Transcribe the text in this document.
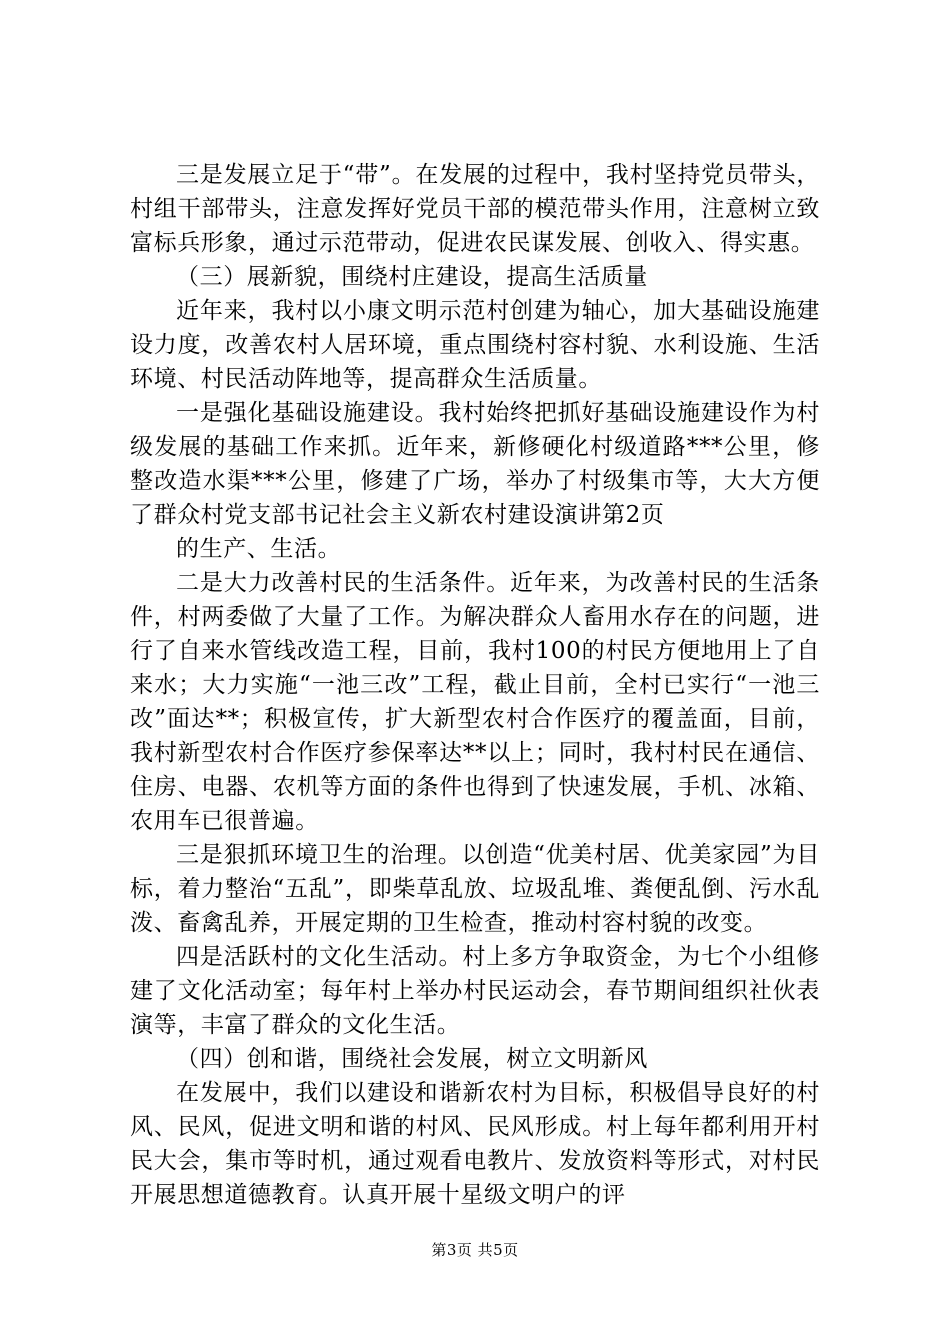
三是发展立足于“带”。在发展的过程中，我村坚持党员带头，村组干部带头，注意发挥好党员干部的模范带头作用，注意树立致富标兵形象，通过示范带动，促进农民谋发展、创收入、得实惠。

（三）展新貌，围绕村庄建设，提高生活质量

近年来，我村以小康文明示范村创建为轴心，加大基础设施建设力度，改善农村人居环境，重点围绕村容村貌、水利设施、生活环境、村民活动阵地等，提高群众生活质量。

一是强化基础设施建设。我村始终把抓好基础设施建设作为村级发展的基础工作来抓。近年来，新修硬化村级道路***公里，修整改造水渠***公里，修建了广场，举办了村级集市等，大大方便了群众村党支部书记社会主义新农村建设演讲第2页

的生产、生活。

二是大力改善村民的生活条件。近年来，为改善村民的生活条件，村两委做了大量了工作。为解决群众人畜用水存在的问题，进行了自来水管线改造工程，目前，我村100的村民方便地用上了自来水；大力实施“一池三改”工程，截止目前，全村已实行“一池三改”面达**；积极宣传，扩大新型农村合作医疗的覆盖面，目前，我村新型农村合作医疗参保率达**以上；同时，我村村民在通信、住房、电器、农机等方面的条件也得到了快速发展，手机、冰箱、农用车已很普遍。

三是狠抓环境卫生的治理。以创造“优美村居、优美家园”为目标，着力整治“五乱”，即柴草乱放、垃圾乱堆、粪便乱倒、污水乱泼、畜禽乱养，开展定期的卫生检查，推动村容村貌的改变。

四是活跃村的文化生活动。村上多方争取资金，为七个小组修建了文化活动室；每年村上举办村民运动会，春节期间组织社伙表演等，丰富了群众的文化生活。

（四）创和谐，围绕社会发展，树立文明新风

在发展中，我们以建设和谐新农村为目标，积极倡导良好的村风、民风，促进文明和谐的村风、民风形成。村上每年都利用开村民大会，集市等时机，通过观看电教片、发放资料等形式，对村民开展思想道德教育。认真开展十星级文明户的评

第3页 共5页
